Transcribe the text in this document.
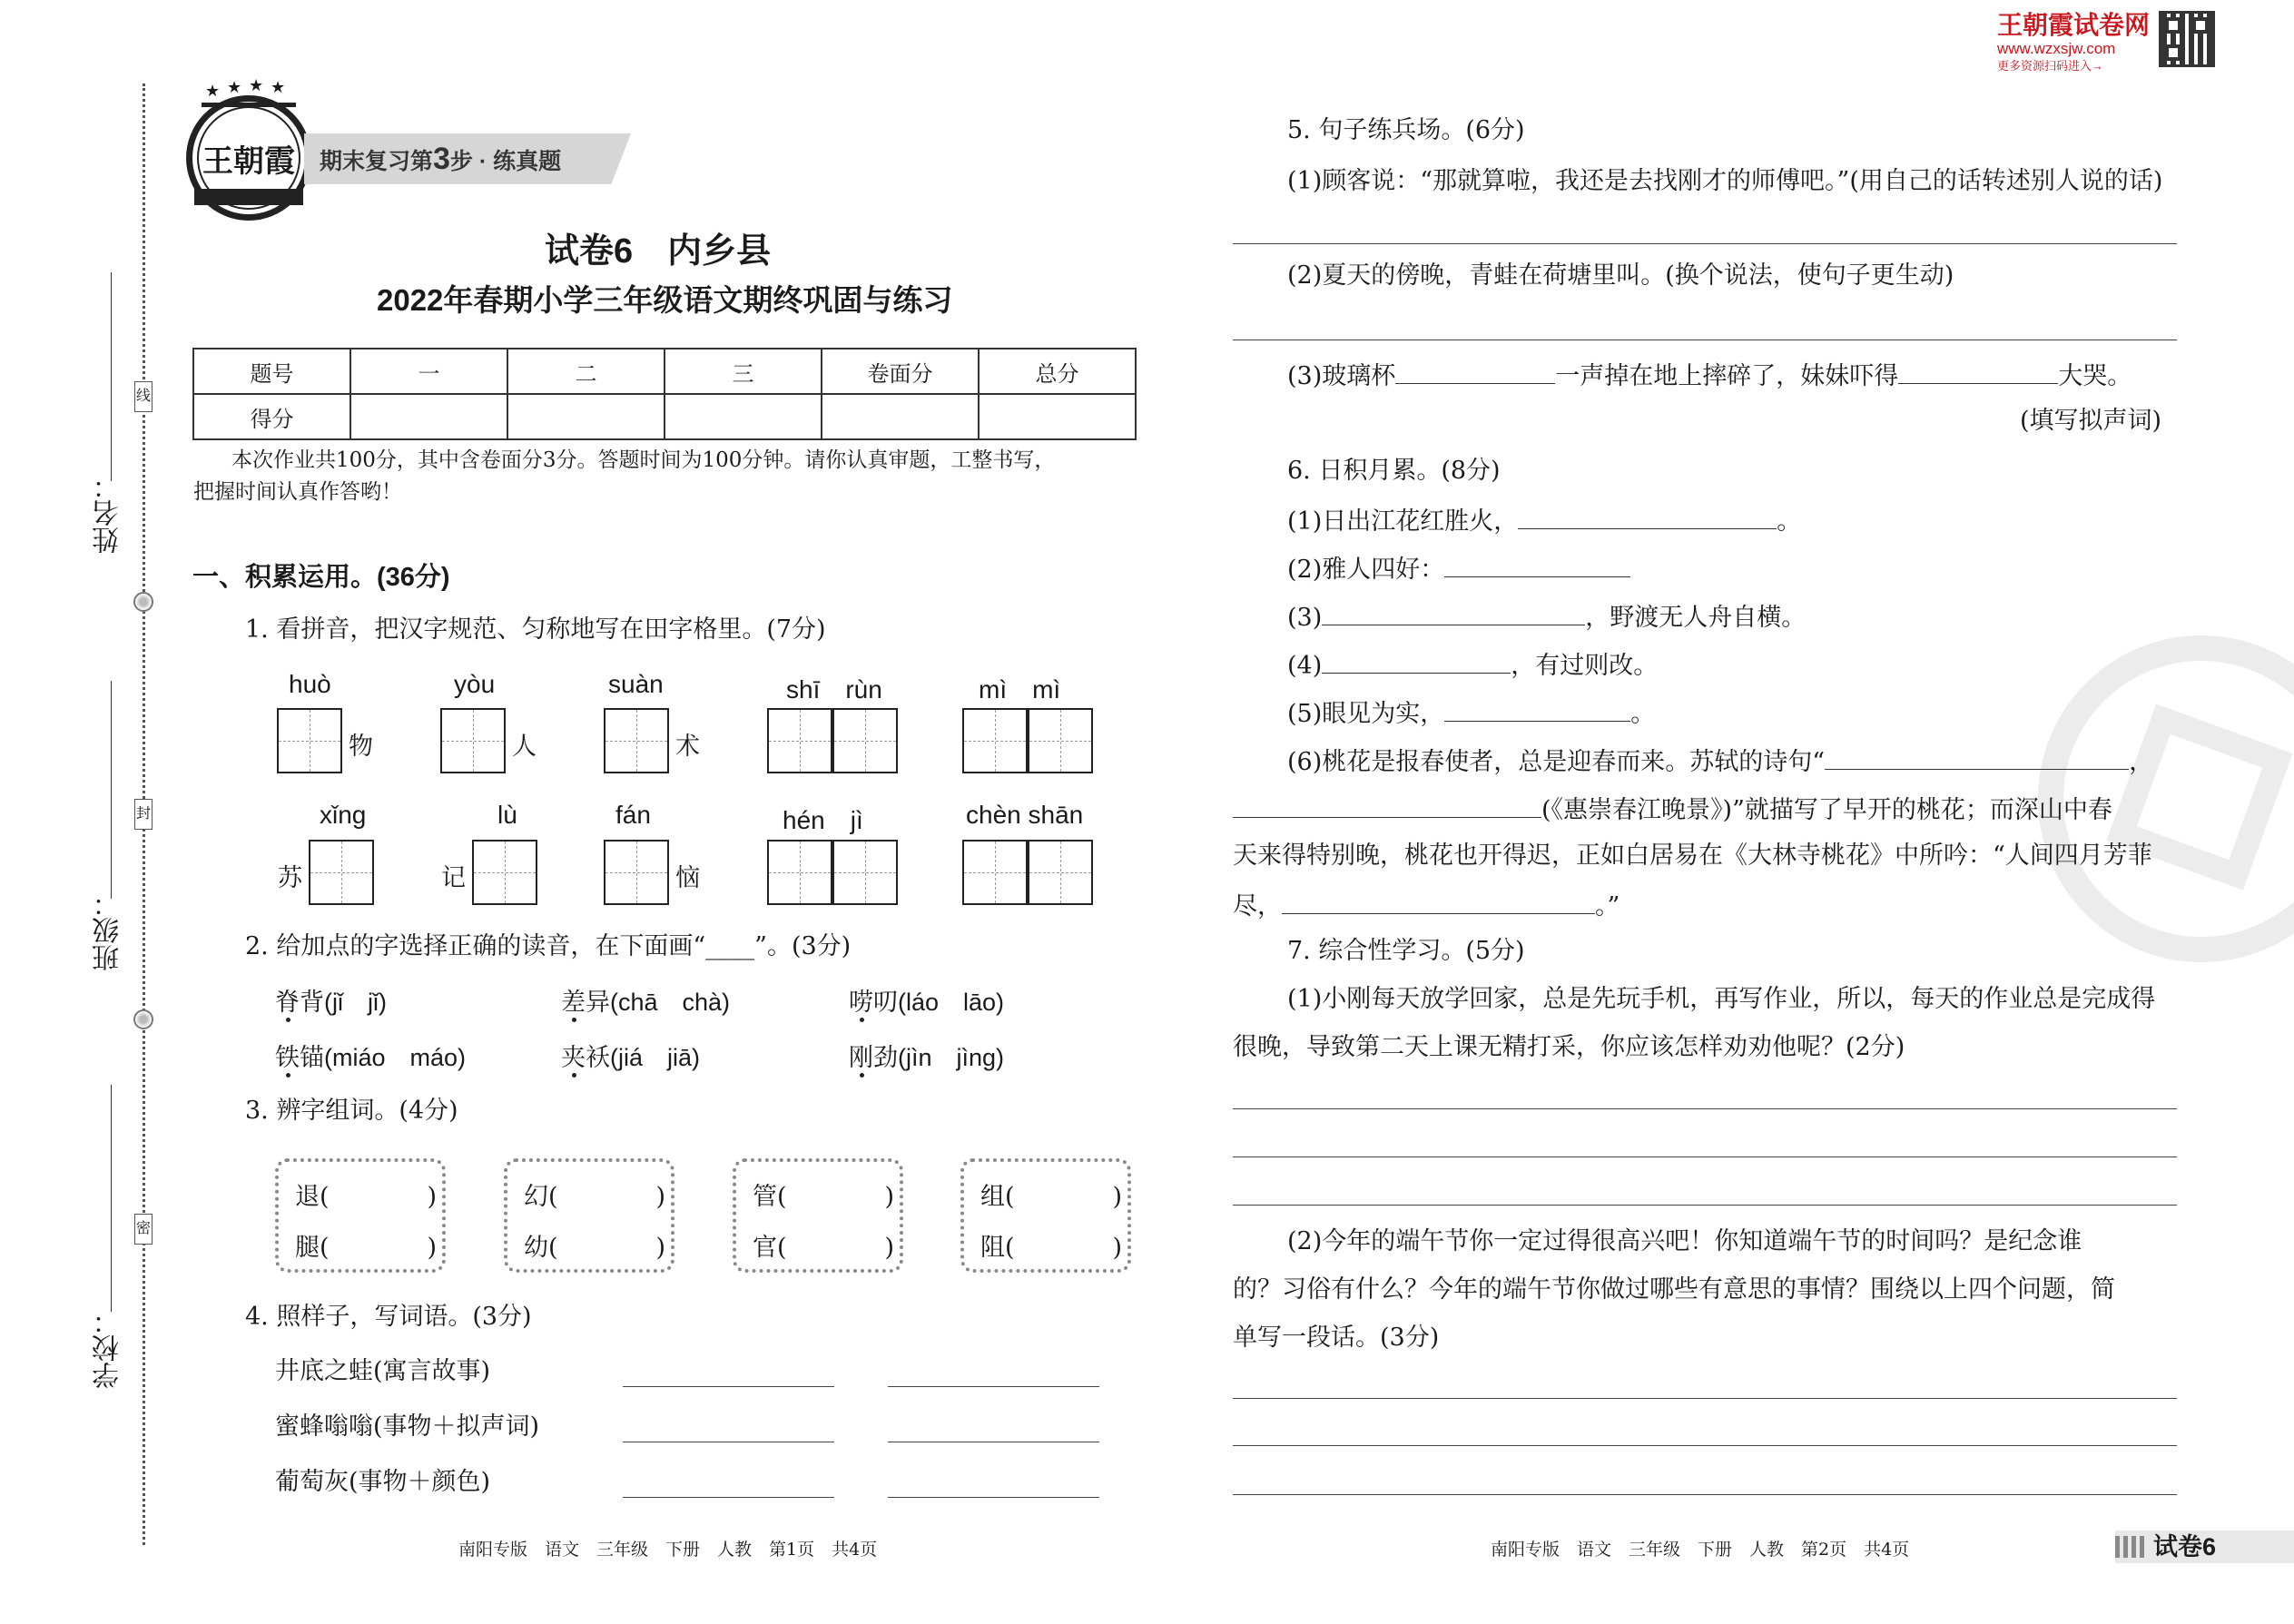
王朝霞试卷网
www.wzxsjw.com
更多资源扫码进入→
线
封
密
姓名：
班级：
学校：
王朝霞
★ ★ ★ ★
期末复习第3步 · 练真题
试卷6　内乡县
2022年春期小学三年级语文期终巩固与练习
题号	一	二	三	卷面分	总分
得分					
本次作业共100分，其中含卷面分3分。答题时间为100分钟。请你认真审题，工整书写，
把握时间认真作答哟！
一、积累运用。(36分)
1. 看拼音，把汉字规范、匀称地写在田字格里。(7分)
huò	yòu	suàn	shī　rùn	mì　mì
物	人	术
xǐng	lù	fán	hén　jì	chèn shān
苏	记	恼
2. 给加点的字选择正确的读音，在下面画“____”。(3分)
脊背(jǐ　jǐ)	差异(chā　chà)	唠叨(láo　lāo)
铁锚(miáo　máo)	夹袄(jiá　jiā)	刚劲(jìn　jìng)
3. 辨字组词。(4分)
退(　　　　)
腿(　　　　)
幻(　　　　)
幼(　　　　)
管(　　　　)
官(　　　　)
组(　　　　)
阻(　　　　)
4. 照样子，写词语。(3分)
井底之蛙(寓言故事)
蜜蜂嗡嗡(事物＋拟声词)
葡萄灰(事物＋颜色)
南阳专版　语文　三年级　下册　人教　第1页　共4页
5. 句子练兵场。(6分)
(1)顾客说：“那就算啦，我还是去找刚才的师傅吧。”(用自己的话转述别人说的话)
(2)夏天的傍晚，青蛙在荷塘里叫。(换个说法，使句子更生动)
(3)玻璃杯	一声掉在地上摔碎了，妹妹吓得	大哭。
(填写拟声词)
6. 日积月累。(8分)
(1)日出江花红胜火，	。
(2)雅人四好：
(3)	，野渡无人舟自横。
(4)	，有过则改。
(5)眼见为实，	。
(6)桃花是报春使者，总是迎春而来。苏轼的诗句“	，
(《惠崇春江晚景》)”就描写了早开的桃花；而深山中春
天来得特别晚，桃花也开得迟，正如白居易在《大林寺桃花》中所吟：“人间四月芳菲
尽，	。”
7. 综合性学习。(5分)
(1)小刚每天放学回家，总是先玩手机，再写作业，所以，每天的作业总是完成得
很晚，导致第二天上课无精打采，你应该怎样劝劝他呢？(2分)
(2)今年的端午节你一定过得很高兴吧！你知道端午节的时间吗？是纪念谁
的？习俗有什么？今年的端午节你做过哪些有意思的事情？围绕以上四个问题，简
单写一段话。(3分)
南阳专版　语文　三年级　下册　人教　第2页　共4页	试卷6
